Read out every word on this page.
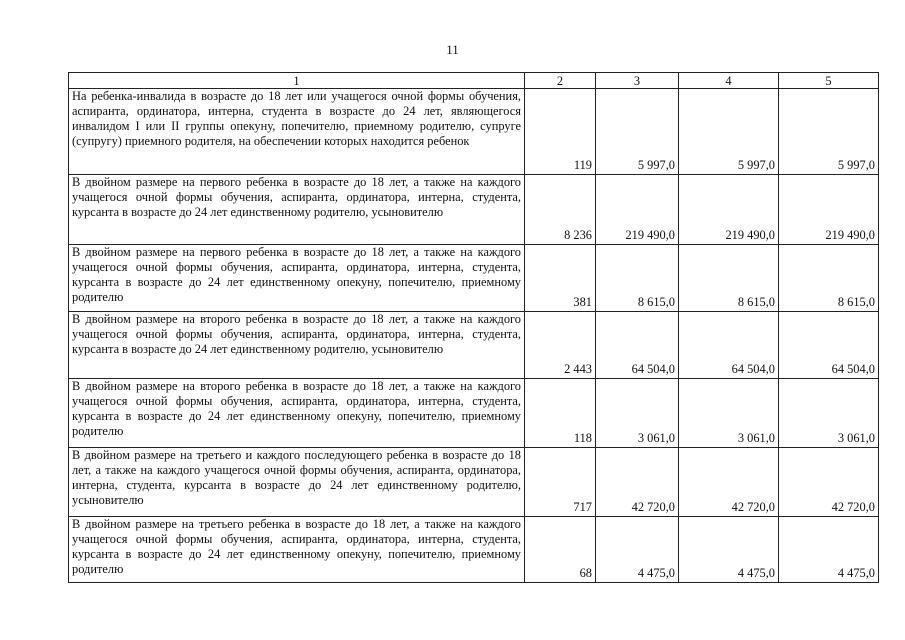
11
1	2	3	4	5
На ребенка-инвалида в возрасте до 18 лет или учащегося очной формы обучения, аспиранта, ординатора, интерна, студента в возрасте до 24 лет, являющегося инвалидом I или II группы опекуну, попечителю, приемному родителю, супруге (супругу) приемного родителя, на обеспечении которых находится ребенок	119	5 997,0	5 997,0	5 997,0
В двойном размере на первого ребенка в возрасте до 18 лет, а также на каждого учащегося очной формы обучения, аспиранта, ординатора, интерна, студента, курсанта в возрасте до 24 лет единственному родителю, усыновителю	8 236	219 490,0	219 490,0	219 490,0
В двойном размере на первого ребенка в возрасте до 18 лет, а также на каждого учащегося очной формы обучения, аспиранта, ординатора, интерна, студента, курсанта в возрасте до 24 лет единственному опекуну, попечителю, приемному родителю	381	8 615,0	8 615,0	8 615,0
В двойном размере на второго ребенка в возрасте до 18 лет, а также на каждого учащегося очной формы обучения, аспиранта, ординатора, интерна, студента, курсанта в возрасте до 24 лет единственному родителю, усыновителю	2 443	64 504,0	64 504,0	64 504,0
В двойном размере на второго ребенка в возрасте до 18 лет, а также на каждого учащегося очной формы обучения, аспиранта, ординатора, интерна, студента, курсанта в возрасте до 24 лет единственному опекуну, попечителю, приемному родителю	118	3 061,0	3 061,0	3 061,0
В двойном размере на третьего и каждого последующего ребенка в возрасте до 18 лет, а также на каждого учащегося очной формы обучения, аспиранта, ординатора, интерна, студента, курсанта в возрасте до 24 лет единственному родителю, усыновителю	717	42 720,0	42 720,0	42 720,0
В двойном размере на третьего ребенка в возрасте до 18 лет, а также на каждого учащегося очной формы обучения, аспиранта, ординатора, интерна, студента, курсанта в возрасте до 24 лет единственному опекуну, попечителю, приемному родителю	68	4 475,0	4 475,0	4 475,0
